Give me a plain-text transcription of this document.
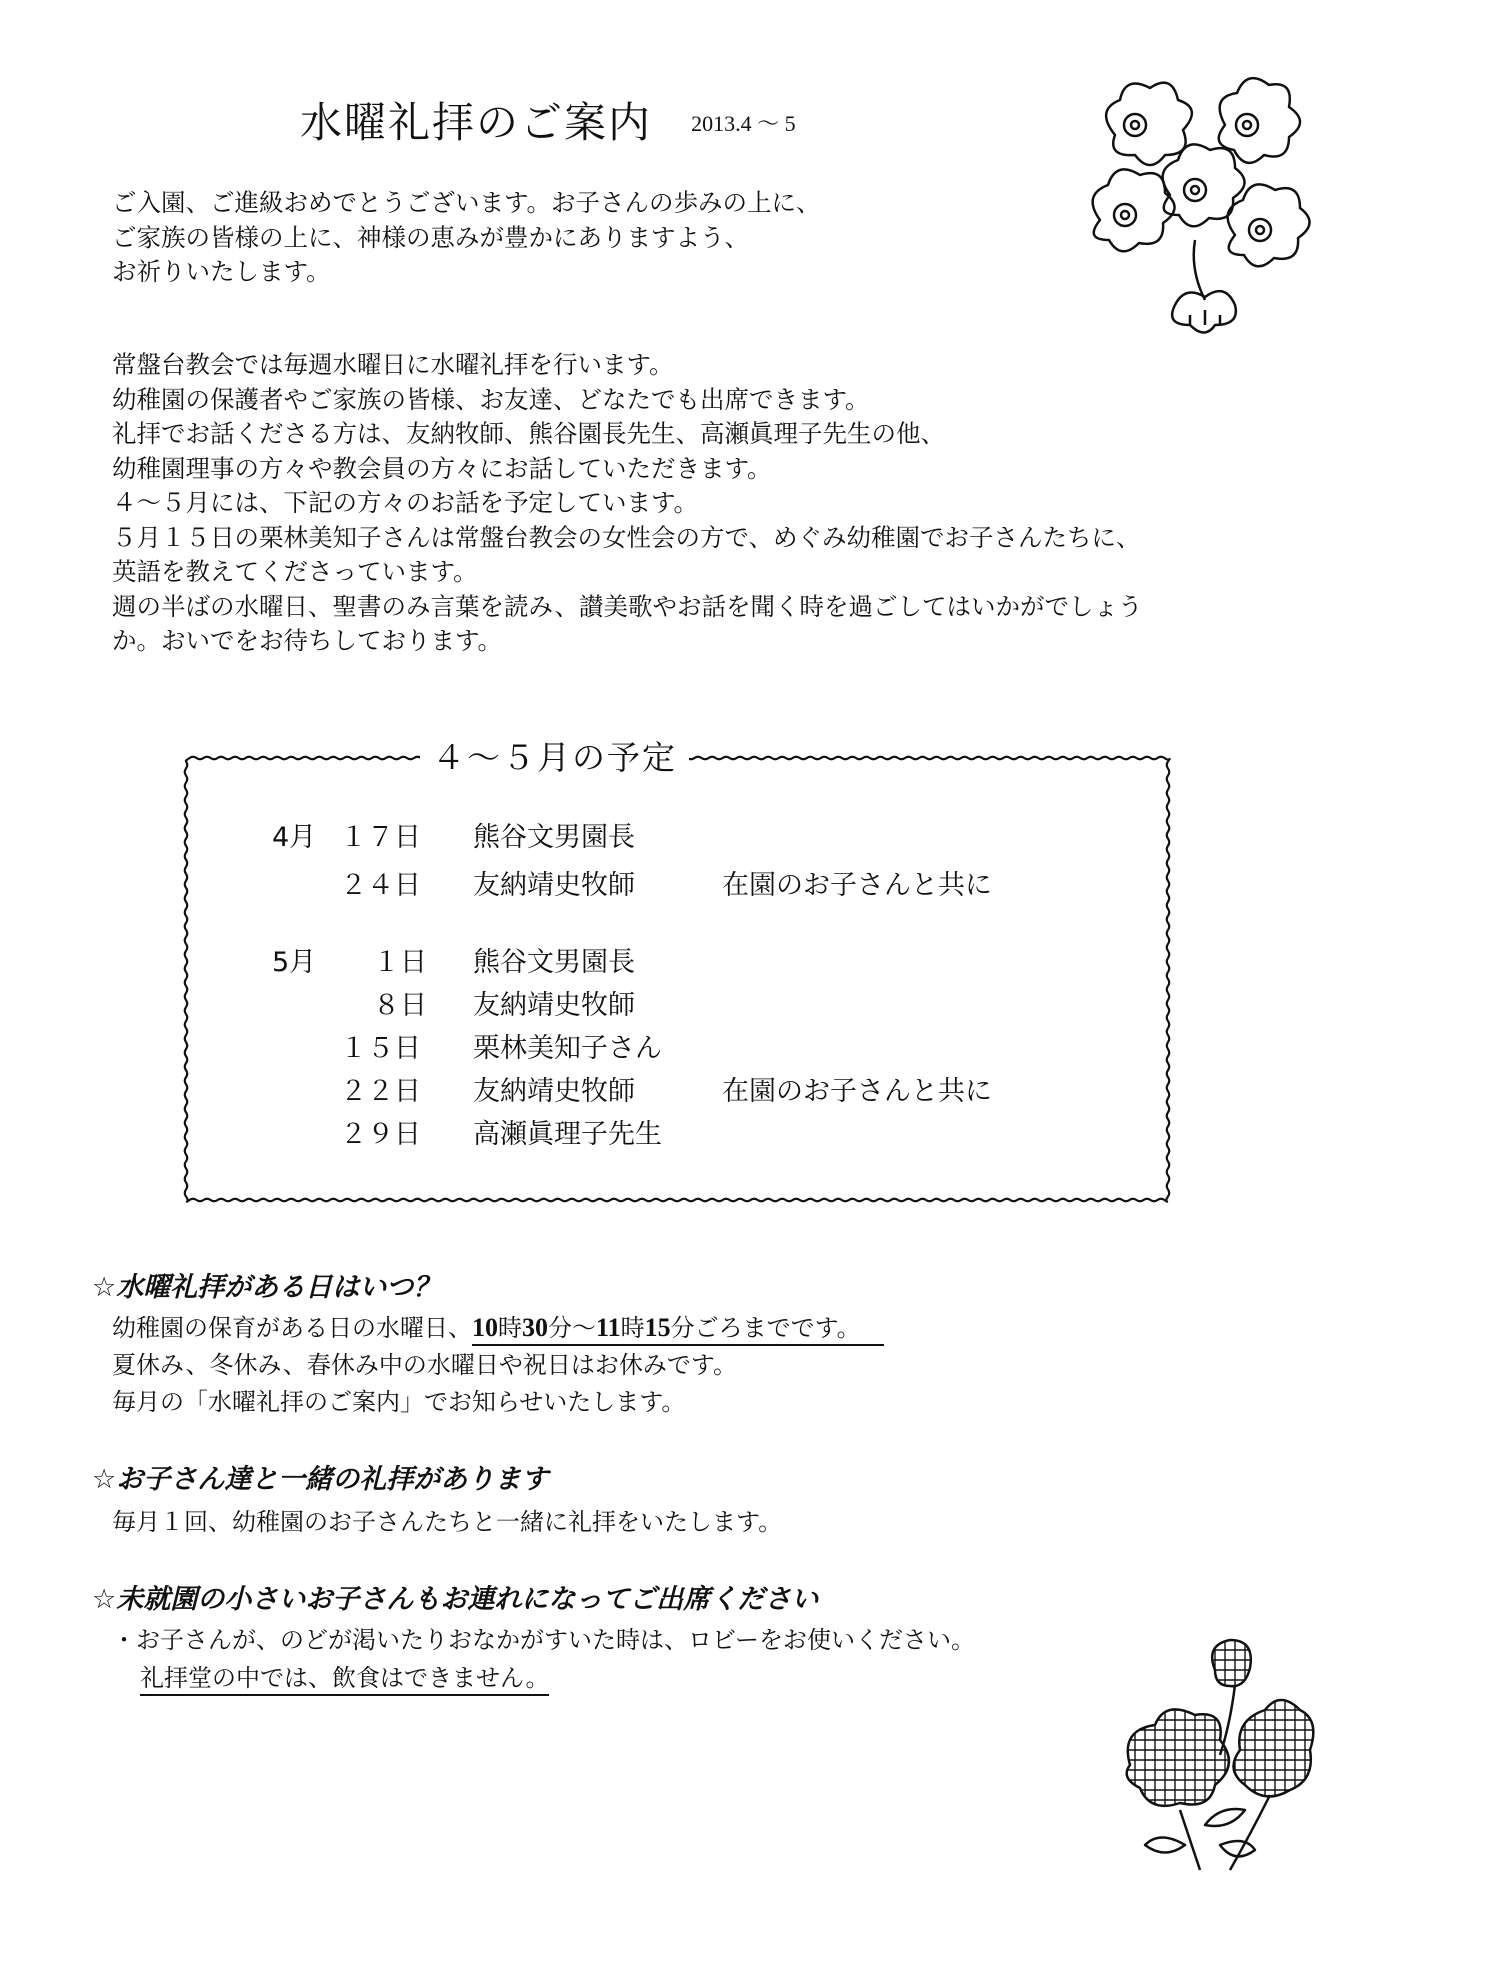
水曜礼拝のご案内 2013.4 ～ 5
ご入園、ご進級おめでとうございます。お子さんの歩みの上に、
ご家族の皆様の上に、神様の恵みが豊かにありますよう、
お祈りいたします。
常盤台教会では毎週水曜日に水曜礼拝を行います。
幼稚園の保護者やご家族の皆様、お友達、どなたでも出席できます。
礼拝でお話くださる方は、友納牧師、熊谷園長先生、高瀬眞理子先生の他、
幼稚園理事の方々や教会員の方々にお話していただきます。
４～５月には、下記の方々のお話を予定しています。
５月１５日の栗林美知子さんは常盤台教会の女性会の方で、めぐみ幼稚園でお子さんたちに、
英語を教えてくださっています。
週の半ばの水曜日、聖書のみ言葉を読み、讃美歌やお話を聞く時を過ごしてはいかがでしょう
か。おいでをお待ちしております。
４～５月の予定
4月 １７日 熊谷文男園長
２４日 友納靖史牧師	在園のお子さんと共に
5月 １日 熊谷文男園長
８日 友納靖史牧師
１５日 栗林美知子さん
２２日 友納靖史牧師	在園のお子さんと共に
２９日 高瀬眞理子先生
☆水曜礼拝がある日はいつ？
幼稚園の保育がある日の水曜日、10時30分～11時15分ごろまでです。
夏休み、冬休み、春休み中の水曜日や祝日はお休みです。
毎月の「水曜礼拝のご案内」でお知らせいたします。
☆お子さん達と一緒の礼拝があります
毎月１回、幼稚園のお子さんたちと一緒に礼拝をいたします。
☆未就園の小さいお子さんもお連れになってご出席ください
・お子さんが、のどが渇いたりおなかがすいた時は、ロビーをお使いください。
礼拝堂の中では、飲食はできません。
